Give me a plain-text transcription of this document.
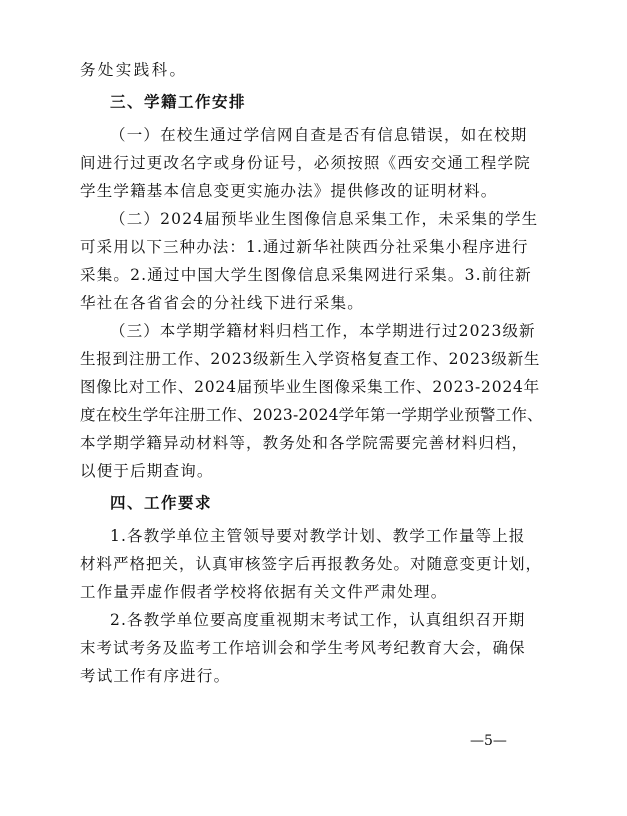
务处实践科。
三、学籍工作安排
（一）在校生通过学信网自查是否有信息错误，如在校期
间进行过更改名字或身份证号，必须按照《西安交通工程学院
学生学籍基本信息变更实施办法》提供修改的证明材料。
（二）2024届预毕业生图像信息采集工作，未采集的学生
可采用以下三种办法：1.通过新华社陕西分社采集小程序进行
采集。2.通过中国大学生图像信息采集网进行采集。3.前往新
华社在各省省会的分社线下进行采集。
（三）本学期学籍材料归档工作，本学期进行过2023级新
生报到注册工作、2023级新生入学资格复查工作、2023级新生
图像比对工作、2024届预毕业生图像采集工作、2023-2024年
度在校生学年注册工作、2023-2024学年第一学期学业预警工作、
本学期学籍异动材料等，教务处和各学院需要完善材料归档，
以便于后期查询。
四、工作要求
1.各教学单位主管领导要对教学计划、教学工作量等上报
材料严格把关，认真审核签字后再报教务处。对随意变更计划，
工作量弄虚作假者学校将依据有关文件严肃处理。
2.各教学单位要高度重视期末考试工作，认真组织召开期
末考试考务及监考工作培训会和学生考风考纪教育大会，确保
考试工作有序进行。
—5—
